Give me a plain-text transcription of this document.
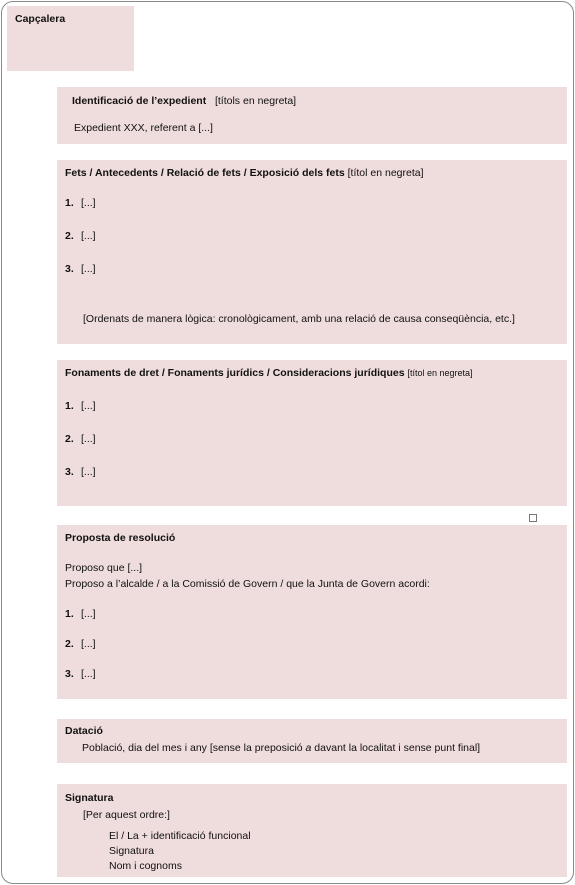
Capçalera
Identificació de l’expedient [títols en negreta]
Expedient XXX, referent a [...]
Fets / Antecedents / Relació de fets / Exposició dels fets [títol en negreta]
1. [...]
2. [...]
3. [...]
[Ordenats de manera lògica: cronològicament, amb una relació de causa conseqüència, etc.]
Fonaments de dret / Fonaments jurídics / Consideracions jurídiques [títol en negreta]
1. [...]
2. [...]
3. [...]
Proposta de resolució
Proposo que [...]
Proposo a l’alcalde / a la Comissió de Govern / que la Junta de Govern acordi:
1. [...]
2. [...]
3. [...]
Datació
Població, dia del mes i any [sense la preposició a davant la localitat i sense punt final]
Signatura
[Per aquest ordre:]
El / La + identificació funcional
Signatura
Nom i cognoms
